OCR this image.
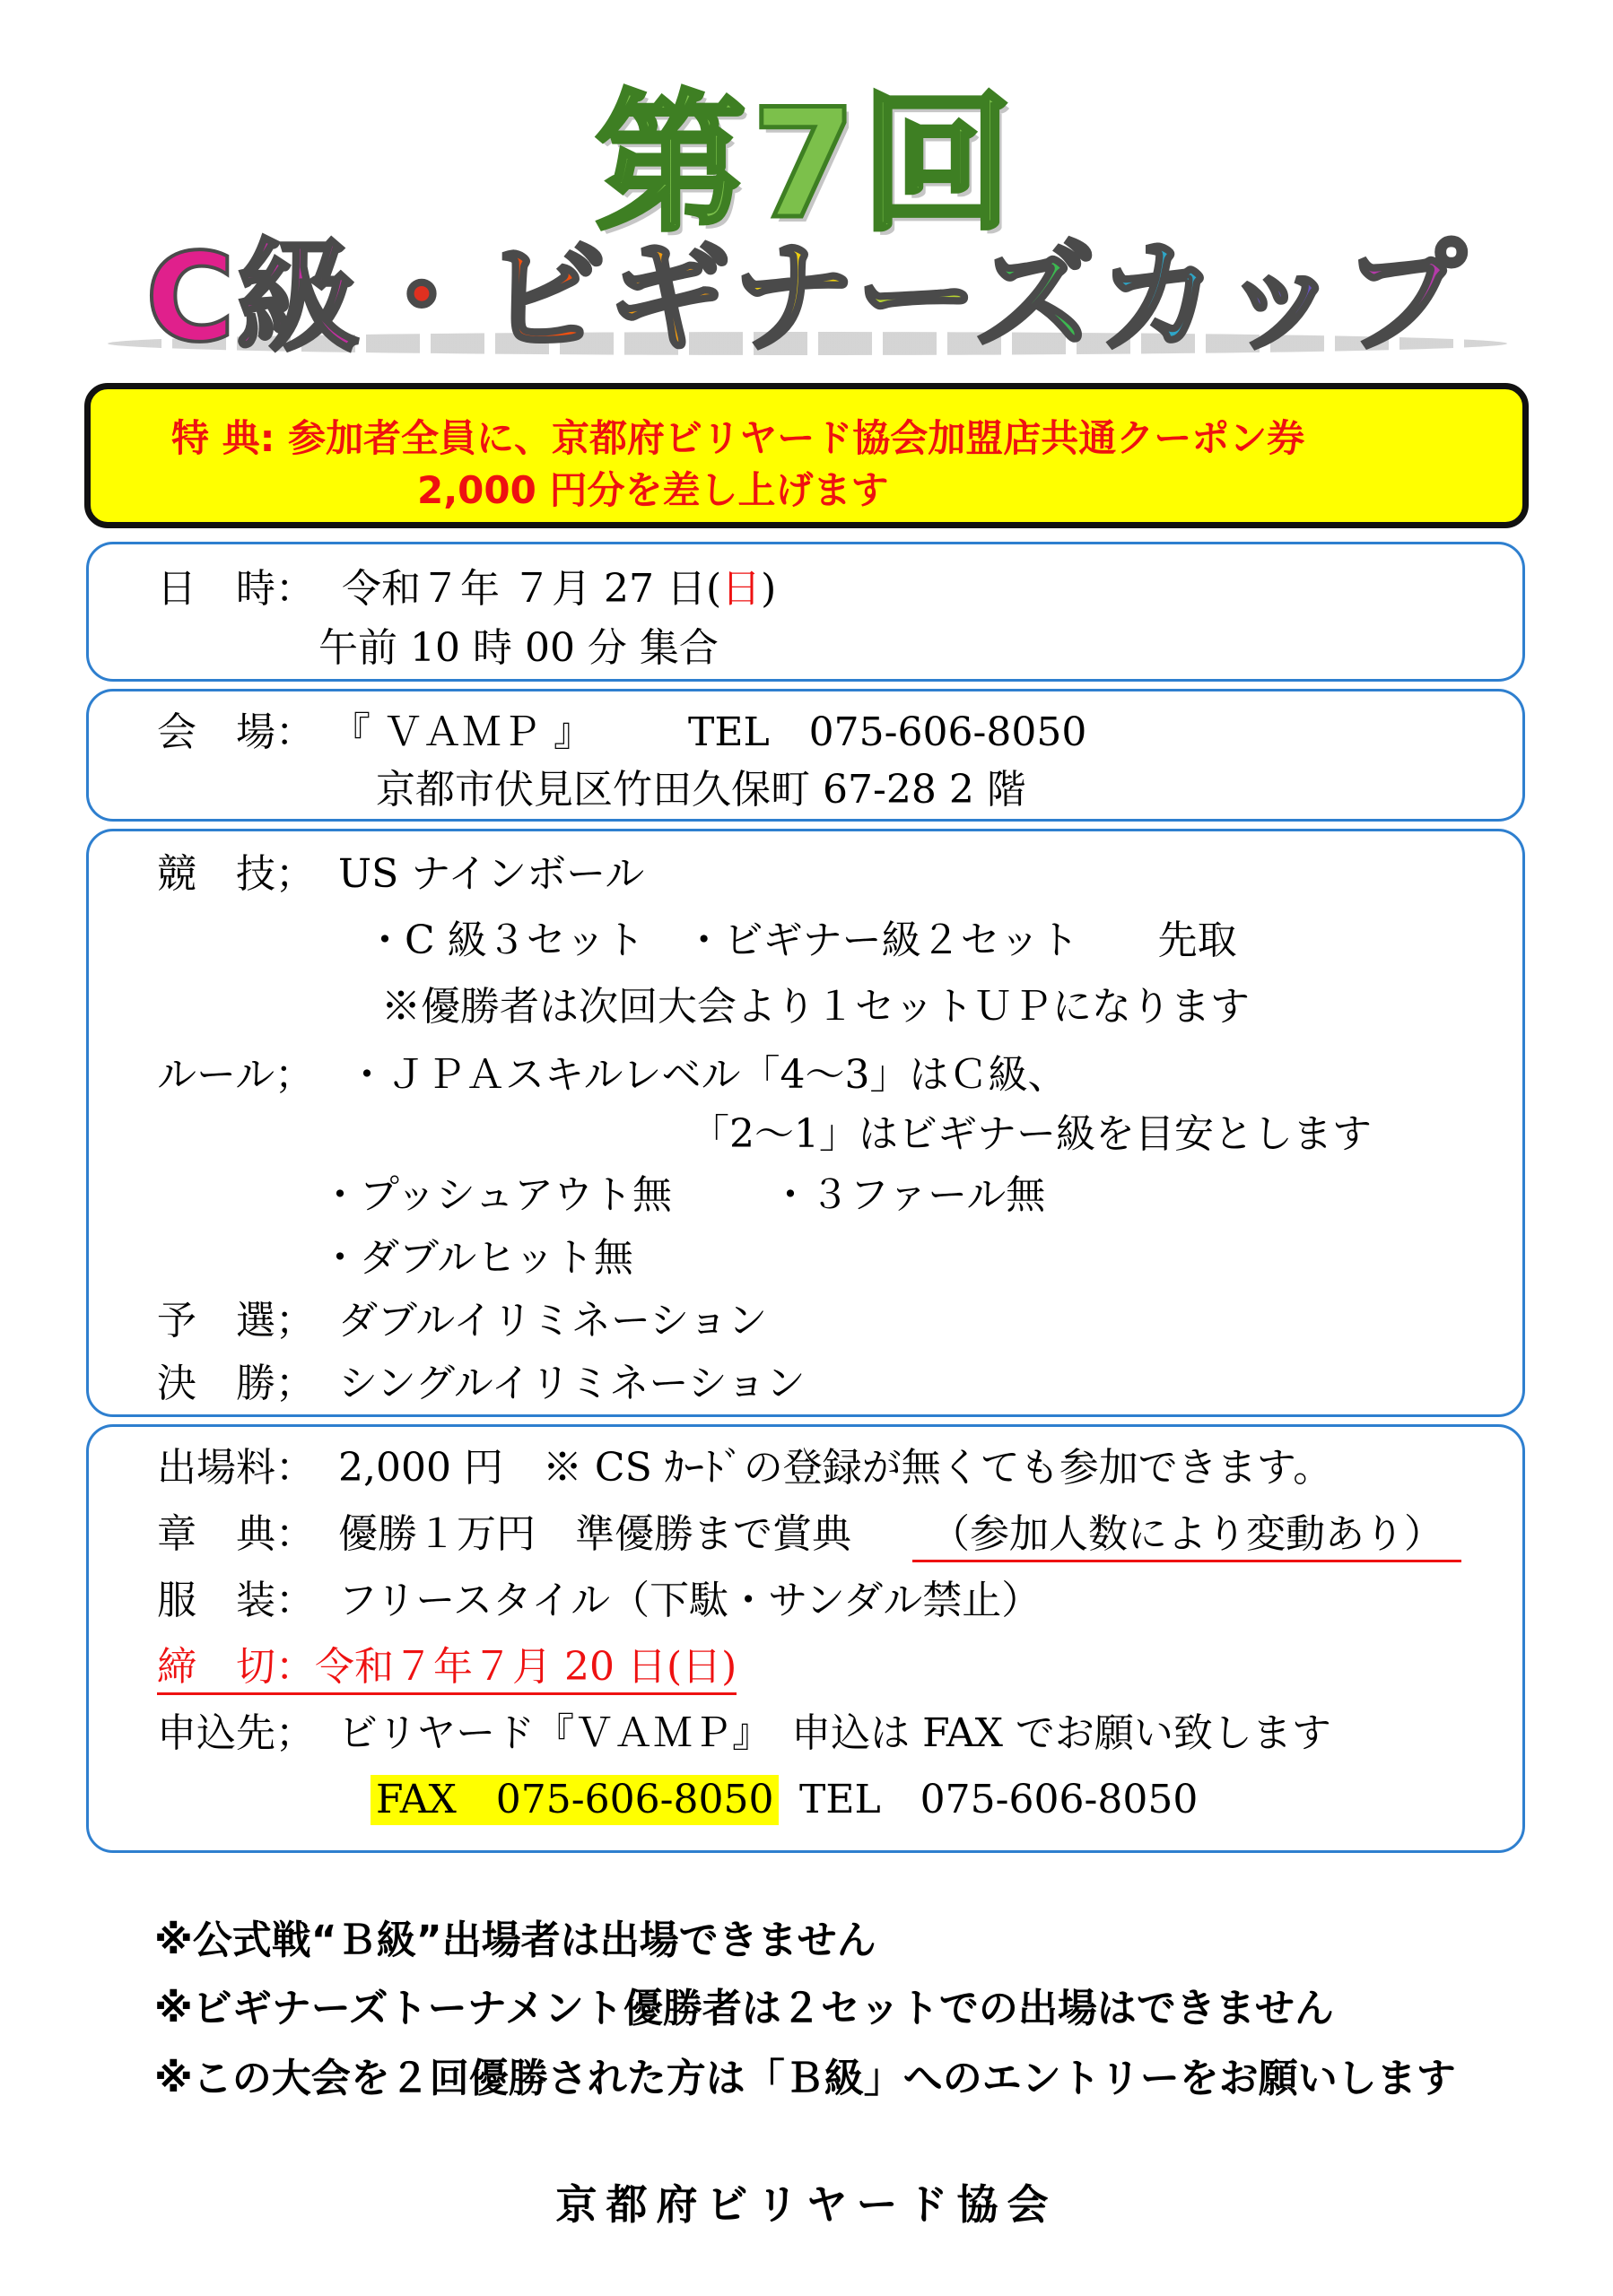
第7回
C級・ビギナーズカップ
特 典: 参加者全員に、京都府ビリヤード協会加盟店共通クーポン券
2,000 円分を差し上げます
日　時： 令和７年 ７月 27 日(日)
午前 10 時 00 分 集合
会　場： 『 ＶＡＭＰ 』 TEL　075-606-8050
京都市伏見区竹田久保町 67-28 2 階
競　技； US ナインボール
・C 級３セット　・ビギナー級２セット　　先取
※優勝者は次回大会より１セットＵＰになります
ルール； ・ＪＰＡスキルレベル「4～3」はＣ級、
「2～1」はビギナー級を目安とします
・プッシュアウト無 ・３ファール無
・ダブルヒット無
予　選； ダブルイリミネーション
決　勝； シングルイリミネーション
出場料： 2,000 円　※ CS ｶｰﾄﾞの登録が無くても参加できます。
章　典： 優勝１万円　準優勝まで賞典	（参加人数により変動あり）
服　装： フリースタイル（下駄・サンダル禁止）
締　切：令和７年７月 20 日(日)
申込先； ビリヤード『ＶＡＭＰ』　申込は FAX でお願い致します
FAX　075-606-8050 TEL　075-606-8050
※公式戦“Ｂ級”出場者は出場できません
※ビギナーズトーナメント優勝者は２セットでの出場はできません
※この大会を２回優勝された方は「Ｂ級」へのエントリーをお願いします
京都府ビリヤード協会
